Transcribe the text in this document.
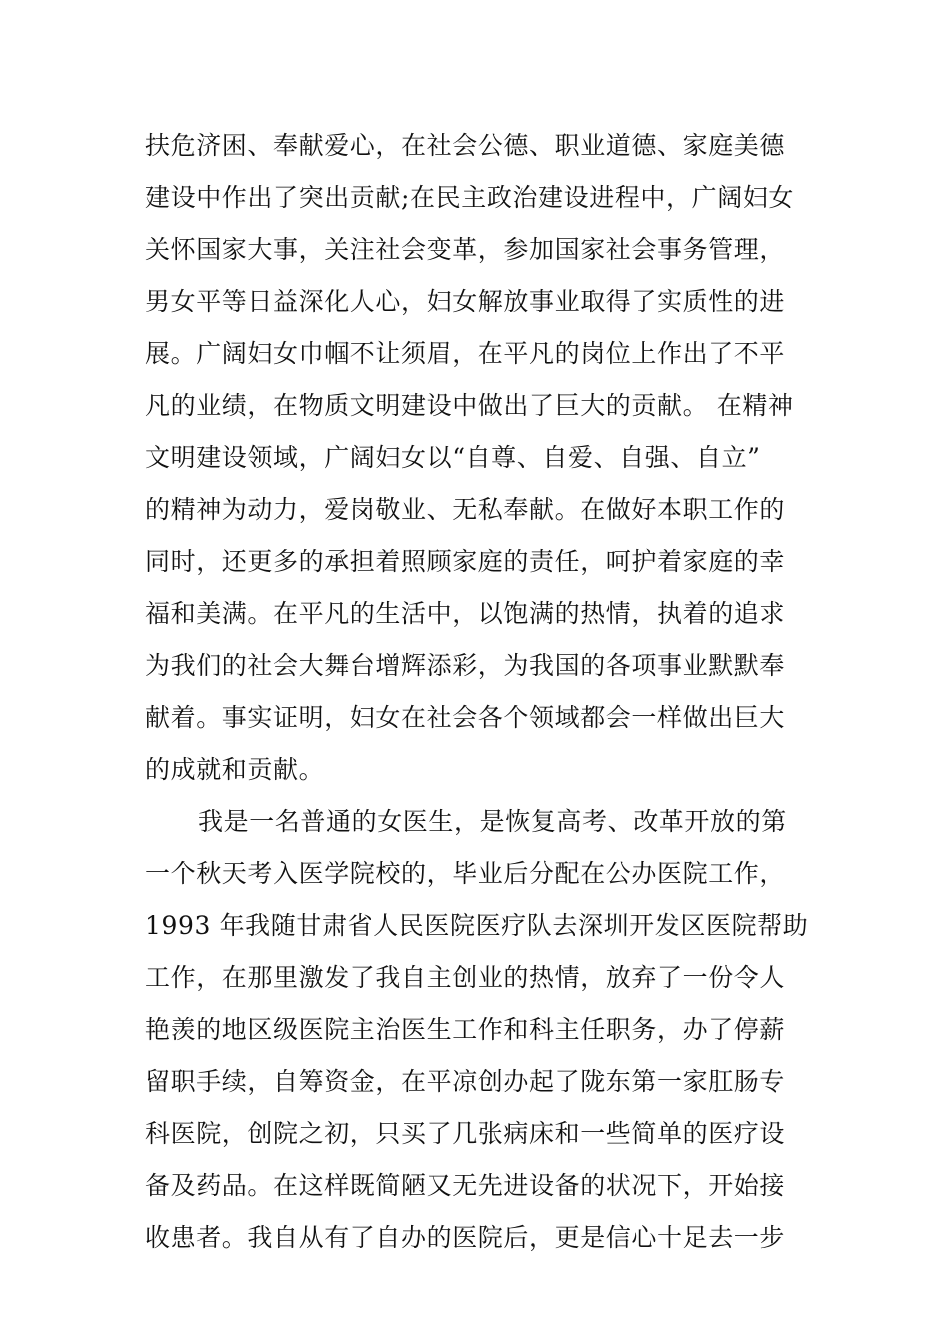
扶危济困、奉献爱心，在社会公德、职业道德、家庭美德
建设中作出了突出贡献;在民主政治建设进程中，广阔妇女
关怀国家大事，关注社会变革，参加国家社会事务管理，
男女平等日益深化人心，妇女解放事业取得了实质性的进
展。广阔妇女巾帼不让须眉，在平凡的岗位上作出了不平
凡的业绩，在物质文明建设中做出了巨大的贡献。 在精神
文明建设领域，广阔妇女以“自尊、自爱、自强、自立”
的精神为动力，爱岗敬业、无私奉献。在做好本职工作的
同时，还更多的承担着照顾家庭的责任，呵护着家庭的幸
福和美满。在平凡的生活中，以饱满的热情，执着的追求
为我们的社会大舞台增辉添彩，为我国的各项事业默默奉
献着。事实证明，妇女在社会各个领域都会一样做出巨大
的成就和贡献。
我是一名普通的女医生，是恢复高考、改革开放的第
一个秋天考入医学院校的，毕业后分配在公办医院工作，
1993 年我随甘肃省人民医院医疗队去深圳开发区医院帮助
工作，在那里激发了我自主创业的热情，放弃了一份令人
艳羡的地区级医院主治医生工作和科主任职务，办了停薪
留职手续，自筹资金，在平凉创办起了陇东第一家肛肠专
科医院，创院之初，只买了几张病床和一些简单的医疗设
备及药品。在这样既简陋又无先进设备的状况下，开始接
收患者。我自从有了自办的医院后，更是信心十足去一步
